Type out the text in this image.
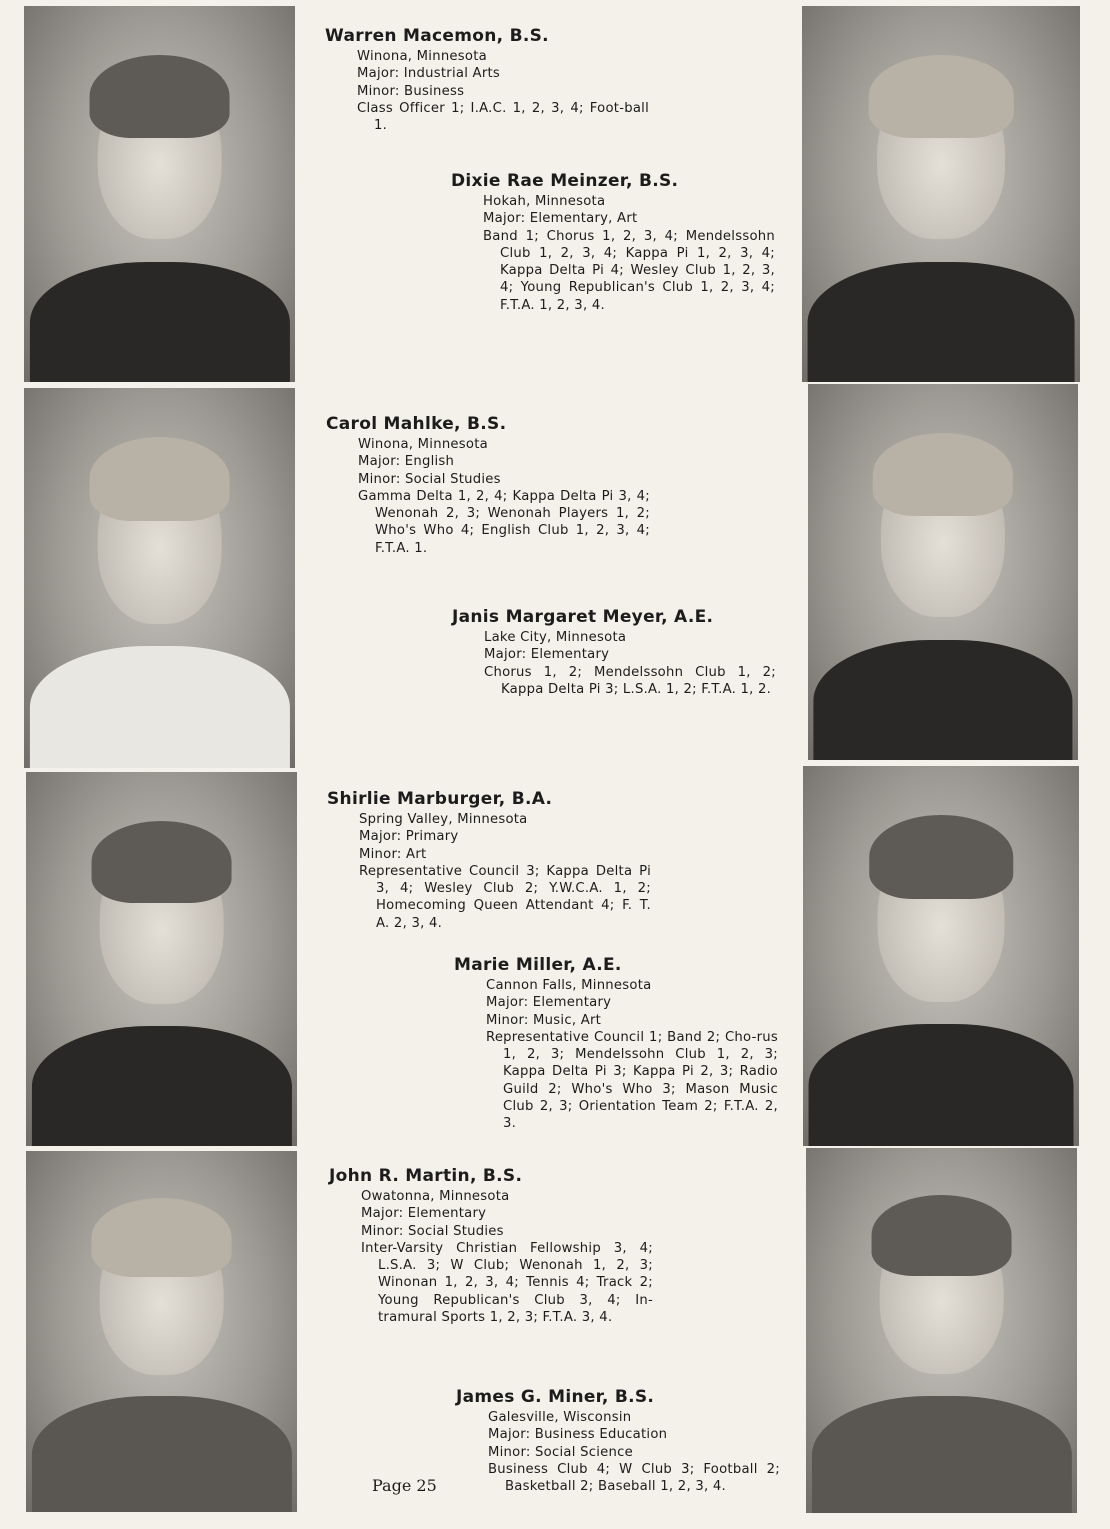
Warren Macemon, B.S.
Winona, Minnesota
Major: Industrial Arts
Minor: Business
Class Officer 1; I.A.C. 1, 2, 3, 4; Foot-ball 1.
Dixie Rae Meinzer, B.S.
Hokah, Minnesota
Major: Elementary, Art
Band 1; Chorus 1, 2, 3, 4; Mendelssohn Club 1, 2, 3, 4; Kappa Pi 1, 2, 3, 4; Kappa Delta Pi 4; Wesley Club 1, 2, 3, 4; Young Republican's Club 1, 2, 3, 4; F.T.A. 1, 2, 3, 4.
Carol Mahlke, B.S.
Winona, Minnesota
Major: English
Minor: Social Studies
Gamma Delta 1, 2, 4; Kappa Delta Pi 3, 4; Wenonah 2, 3; Wenonah Players 1, 2; Who's Who 4; English Club 1, 2, 3, 4; F.T.A. 1.
Janis Margaret Meyer, A.E.
Lake City, Minnesota
Major: Elementary
Chorus 1, 2; Mendelssohn Club 1, 2; Kappa Delta Pi 3; L.S.A. 1, 2; F.T.A. 1, 2.
Shirlie Marburger, B.A.
Spring Valley, Minnesota
Major: Primary
Minor: Art
Representative Council 3; Kappa Delta Pi 3, 4; Wesley Club 2; Y.W.C.A. 1, 2; Homecoming Queen Attendant 4; F. T. A. 2, 3, 4.
Marie Miller, A.E.
Cannon Falls, Minnesota
Major: Elementary
Minor: Music, Art
Representative Council 1; Band 2; Cho-rus 1, 2, 3; Mendelssohn Club 1, 2, 3; Kappa Delta Pi 3; Kappa Pi 2, 3; Radio Guild 2; Who's Who 3; Mason Music Club 2, 3; Orientation Team 2; F.T.A. 2, 3.
John R. Martin, B.S.
Owatonna, Minnesota
Major: Elementary
Minor: Social Studies
Inter-Varsity Christian Fellowship 3, 4; L.S.A. 3; W Club; Wenonah 1, 2, 3; Winonan 1, 2, 3, 4; Tennis 4; Track 2; Young Republican's Club 3, 4; In-tramural Sports 1, 2, 3; F.T.A. 3, 4.
James G. Miner, B.S.
Galesville, Wisconsin
Major: Business Education
Minor: Social Science
Business Club 4; W Club 3; Football 2; Basketball 2; Baseball 1, 2, 3, 4.
Page 25
